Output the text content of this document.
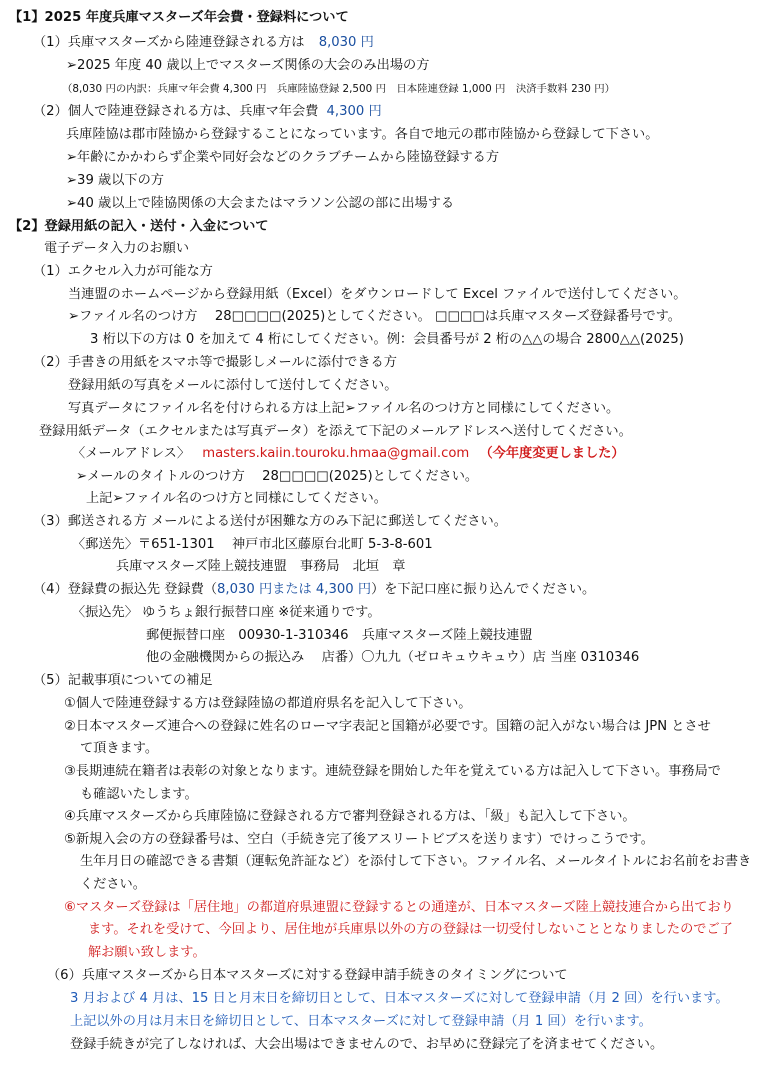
【1】2025 年度兵庫マスターズ年会費・登録料について
（1）兵庫マスターズから陸連登録される方は 8,030 円
➢2025 年度 40 歳以上でマスターズ関係の大会のみ出場の方
（8,030 円の内訳：兵庫マ年会費 4,300 円　兵庫陸協登録 2,500 円　日本陸連登録 1,000 円　決済手数料 230 円）
（2）個人で陸連登録される方は、兵庫マ年会費 4,300 円
兵庫陸協は郡市陸協から登録することになっています。各自で地元の郡市陸協から登録して下さい。
➢年齢にかかわらず企業や同好会などのクラブチームから陸協登録する方
➢39 歳以下の方
➢40 歳以上で陸協関係の大会またはマラソン公認の部に出場する
【2】登録用紙の記入・送付・入金について
電子データ入力のお願い
（1）エクセル入力が可能な方
当連盟のホームページから登録用紙（Excel）をダウンロードして Excel ファイルで送付してください。
➢ファイル名のつけ方　 28□□□□(2025)としてください。 □□□□は兵庫マスターズ登録番号です。
3 桁以下の方は 0 を加えて 4 桁にしてください。例：会員番号が 2 桁の△△の場合 2800△△(2025)
（2）手書きの用紙をスマホ等で撮影しメールに添付できる方
登録用紙の写真をメールに添付して送付してください。
写真データにファイル名を付けられる方は上記➢ファイル名のつけ方と同様にしてください。
登録用紙データ（エクセルまたは写真データ）を添えて下記のメールアドレスへ送付してください。
〈メールアドレス〉 masters.kaiin.touroku.hmaa@gmail.com （今年度変更しました）
➢メールのタイトルのつけ方　 28□□□□(2025)としてください。
上記➢ファイル名のつけ方と同様にしてください。
（3）郵送される方 メールによる送付が困難な方のみ下記に郵送してください。
〈郵送先〉〒651-1301　 神戸市北区藤原台北町 5-3-8-601
兵庫マスターズ陸上競技連盟　事務局　北垣　章
（4）登録費の振込先 登録費（8,030 円または 4,300 円）を下記口座に振り込んでください。
〈振込先〉 ゆうちょ銀行振替口座 ※従来通りです。
郵便振替口座　00930-1-310346　兵庫マスターズ陸上競技連盟
他の金融機関からの振込み　 店番）〇九九（ゼロキュウキュウ）店 当座 0310346
（5）記載事項についての補足
①個人で陸連登録する方は登録陸協の都道府県名を記入して下さい。
②日本マスターズ連合への登録に姓名のローマ字表記と国籍が必要です。国籍の記入がない場合は JPN とさせ
て頂きます。
③長期連続在籍者は表彰の対象となります。連続登録を開始した年を覚えている方は記入して下さい。事務局で
も確認いたします。
④兵庫マスターズから兵庫陸協に登録される方で審判登録される方は、「級」も記入して下さい。
⑤新規入会の方の登録番号は、空白（手続き完了後アスリートビブスを送ります）でけっこうです。
生年月日の確認できる書類（運転免許証など）を添付して下さい。ファイル名、メールタイトルにお名前をお書き
ください。
⑥マスターズ登録は「居住地」の都道府県連盟に登録するとの通達が、日本マスターズ陸上競技連合から出ており
ます。それを受けて、今回より、居住地が兵庫県以外の方の登録は一切受付しないこととなりましたのでご了
解お願い致します。
（6）兵庫マスターズから日本マスターズに対する登録申請手続きのタイミングについて
3 月および 4 月は、15 日と月末日を締切日として、日本マスターズに対して登録申請（月 2 回）を行います。
上記以外の月は月末日を締切日として、日本マスターズに対して登録申請（月 1 回）を行います。
登録手続きが完了しなければ、大会出場はできませんので、お早めに登録完了を済ませてください。
